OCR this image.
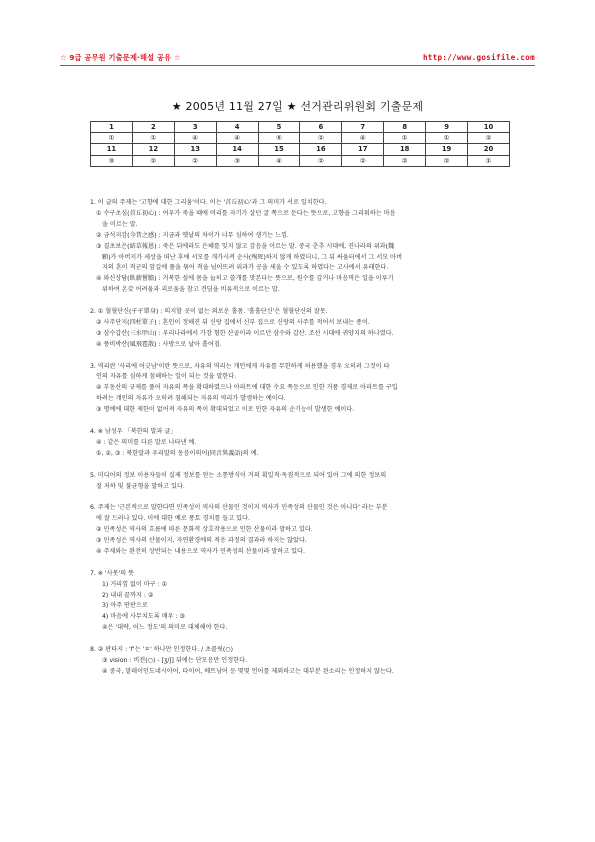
☆ 9급 공무원 기출문제·해설 공유 ☆	http://www.gosifile.com
★ 2005년 11월 27일 ★ 선거관리위원회 기출문제
1	2	3	4	5	6	7	8	9	10
①	①	④	④	⑤	②	④	①	①	②
11	12	13	14	15	16	17	18	19	20
③	②	②	③	④	②	②	②	②	①

1. 이 글의 주제는 '고향에 대한 그리움'이다. 이는 '首丘初心'과 그 의미가 서로 일치한다.

① 수구초심(首丘初心) : 여우가 죽을 때에 머리를 자기가 살던 굴 쪽으로 둔다는 뜻으로, 고향을 그리워하는 마음

을 이르는 말.

② 금석지감(今昔之感) : 지금과 옛날의 차이가 너무 심하여 생기는 느낌.

③ 결초보은(結草報恩) : 죽은 뒤에라도 은혜를 잊지 않고 갚음을 이르는 말. 중국 춘추 시대에, 진나라의 위과(魏

顆)가 아버지가 세상을 떠난 후에 서모를 개가시켜 순사(殉死)하지 않게 하였더니, 그 뒤 싸움터에서 그 서모 아버

지의 혼이 적군의 앞길에 풀을 묶어 적을 넘어뜨려 위과가 공을 세울 수 있도록 하였다는 고사에서 유래한다.

④ 와신상담(臥薪嘗膽) : 거북한 섶에 몸을 눕히고 쓸개를 맛본다는 뜻으로, 원수를 갚거나 마음먹은 일을 이루기

위하여 온갖 어려움과 괴로움을 참고 견딤을 비유적으로 이르는 말.

2. ① 혈혈단신(孑孑單身) : 의지할 곳이 없는 외로운 홀몸. '홀홀단신'은 혈혈단신의 잘못.

② 사주단지(四柱單子) : 혼인이 정해진 뒤 신랑 집에서 신부 집으로 신랑의 사주를 적어서 보내는 종이.

③ 삼수갑산(三水甲山) : 우리나라에서 가장 험한 산골이라 이르던 삼수와 갑산. 조선 시대에 귀양지의 하나였다.

④ 풍비박산(風飛雹散) : 사방으로 날아 흩어짐.

3. 역리란 '사리에 어긋남'이란 뜻으로, 자유의 역리는 개인에게 자유를 무한하게 허용했을 경우 오히려 그것이 타

인의 자유를 심하게 침해하는 일이 되는 것을 말한다.

④ 부동산의 규제를 풀어 자유의 폭을 확대하였으나 아파트에 대한 수요 폭등으로 인한 거품 경제로 아파트를 구입

하려는 개인의 자유가 오히려 침해되는 자유의 역리가 발생하는 예이다.

③ 명예에 대한 제한이 없어져 자유의 폭이 확대되었고 이로 인한 자유의 순기능이 발생한 예이다.

4. ※ 남성우 「북한의 말과 글」

④ : 같은 의미를 다른 말로 나타낸 예.

①, ②, ③ : 북한말과 우리말의 동음이의어(同音異義語)의 예.

5. 미디어의 정보 이용자들이 실제 정보를 얻는 소통방식이 거의 획일적·독점적으로 되어 있어 그에 의한 정보의

질 저하 및 불균형을 말하고 있다.

6. 주제는 '근본적으로 말한다면 민족성이 역사의 산물인 것이지 역사가 민족성의 산물인 것은 아니다' 라는 부분

에 잘 드러나 있다. 이에 대한 예로 풍토 경치를 들고 있다.

② 민족성은 역사의 흐름에 따른 문화적 상호작용으로 인한 산물이라 말하고 있다.

③ 민족성은 역사의 산물이지, 자연환경에의 적응 과정의 결과라 하지는 않았다.

④ 주제와는 완전히 상반되는 내용으로 역사가 민족성의 산물이라 말하고 있다.

7. ※ '사뭇'의 뜻

1) 거리낌 없이 마구 : ①

2) 내내 끝까지 : ②

3) 아주 딴판으로

4) 마음에 사무치도록 매우 : ③

④은 '대략, 어느 정도'의 의미로 대체해야 한다.

8. ② 판타지 : 'f'는 'ㅍ' 하나만 인정한다. / 초콜릿(○)

③ vision : 비전(○) - [ʒ/ʃ] 뒤에는 단모음만 인정한다.

④ 중국, 말레이인도네시아어, 타이어, 베트남어 등 몇몇 언어를 제외하고는 대부분 된소리는 인정하지 않는다.
